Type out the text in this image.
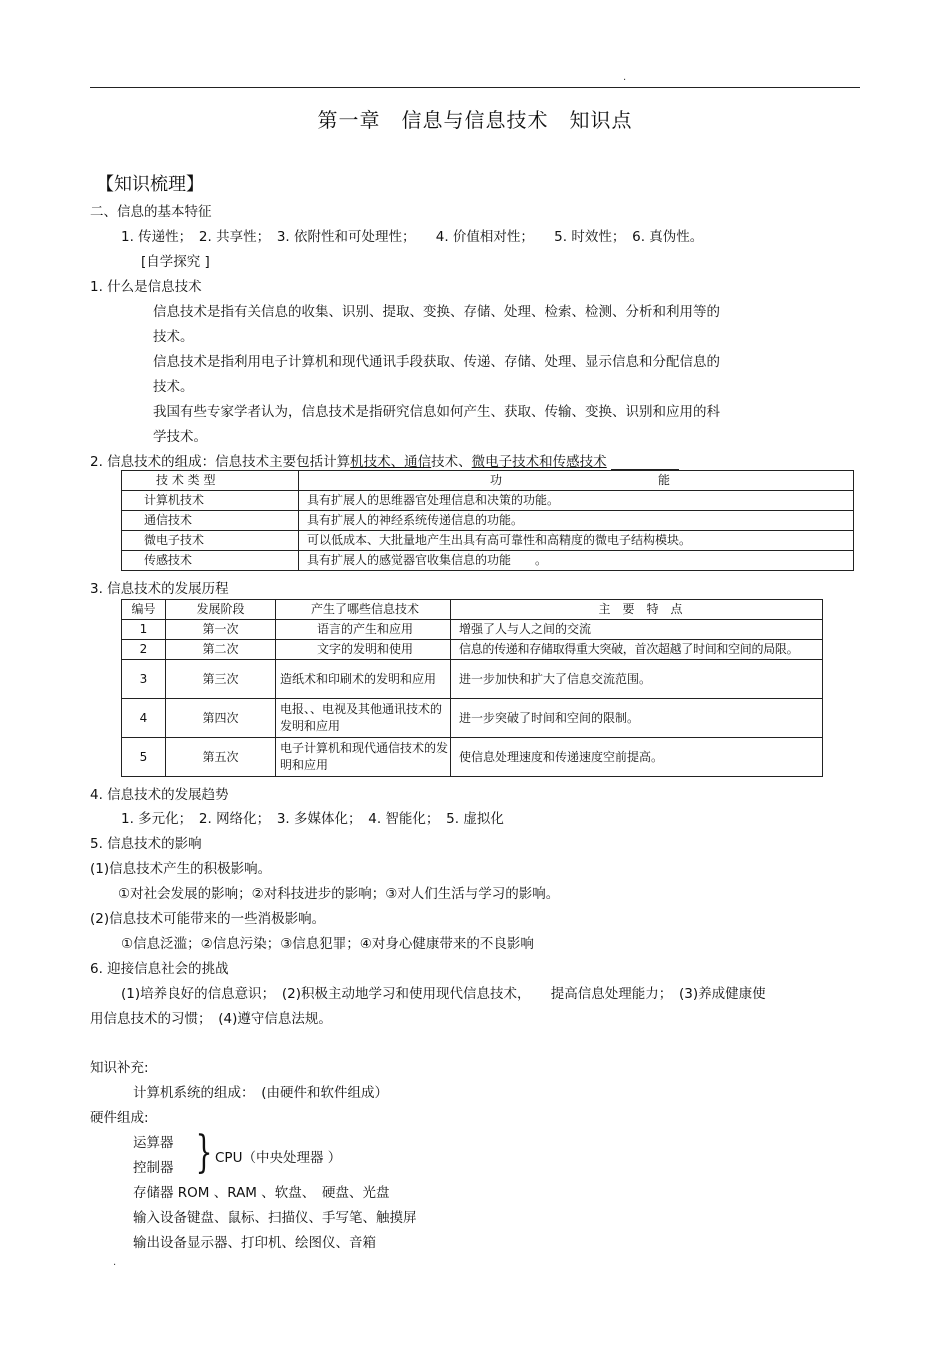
.
第一章　信息与信息技术　知识点
【知识梳理】
二、信息的基本特征
1. 传递性；　2. 共享性；　3. 依附性和可处理性；　　4. 价值相对性；　　5. 时效性；　6. 真伪性。
[自学探究 ]
1. 什么是信息技术
信息技术是指有关信息的收集、识别、提取、变换、存储、处理、检索、检测、分析和利用等的
技术。
信息技术是指利用电子计算机和现代通讯手段获取、传递、存储、处理、显示信息和分配信息的
技术。
我国有些专家学者认为，信息技术是指研究信息如何产生、获取、传输、变换、识别和应用的科
学技术。
2. 信息技术的组成：信息技术主要包括计算机技术、通信技术、微电子技术和传感技术
技 术 类 型	功　　　　　　　　　　　　　能
计算机技术	具有扩展人的思维器官处理信息和决策的功能。
通信技术	具有扩展人的神经系统传递信息的功能。
微电子技术	可以低成本、大批量地产生出具有高可靠性和高精度的微电子结构模块。
传感技术	具有扩展人的感觉器官收集信息的功能　　。
3. 信息技术的发展历程
编号	发展阶段	产生了哪些信息技术	主　要　特　点
1	第一次	语言的产生和应用	增强了人与人之间的交流
2	第二次	文字的发明和使用	信息的传递和存储取得重大突破，首次超越了时间和空间的局限。
3	第三次	造纸术和印刷术的发明和应用	进一步加快和扩大了信息交流范围。
4	第四次	电报、、电视及其他通讯技术的发明和应用	进一步突破了时间和空间的限制。
5	第五次	电子计算机和现代通信技术的发明和应用	使信息处理速度和传递速度空前提高。
4. 信息技术的发展趋势
1. 多元化；　2. 网络化；　3. 多媒体化；　4. 智能化；　5. 虚拟化
5. 信息技术的影响
(1)信息技术产生的积极影响。
①对社会发展的影响；②对科技进步的影响；③对人们生活与学习的影响。
(2)信息技术可能带来的一些消极影响。
①信息泛滥；②信息污染；③信息犯罪；④对身心健康带来的不良影响
6. 迎接信息社会的挑战
(1)培养良好的信息意识；　(2)积极主动地学习和使用现代信息技术，　　提高信息处理能力；　(3)养成健康使
用信息技术的习惯；　(4)遵守信息法规。
知识补充:
计算机系统的组成：　(由硬件和软件组成）
硬件组成:
运算器
控制器 } CPU（中央处理器 ）
存储器 ROM 、RAM 、软盘、　硬盘、光盘
输入设备键盘、鼠标、扫描仪、手写笔、触摸屏
输出设备显示器、打印机、绘图仪、音箱
.
